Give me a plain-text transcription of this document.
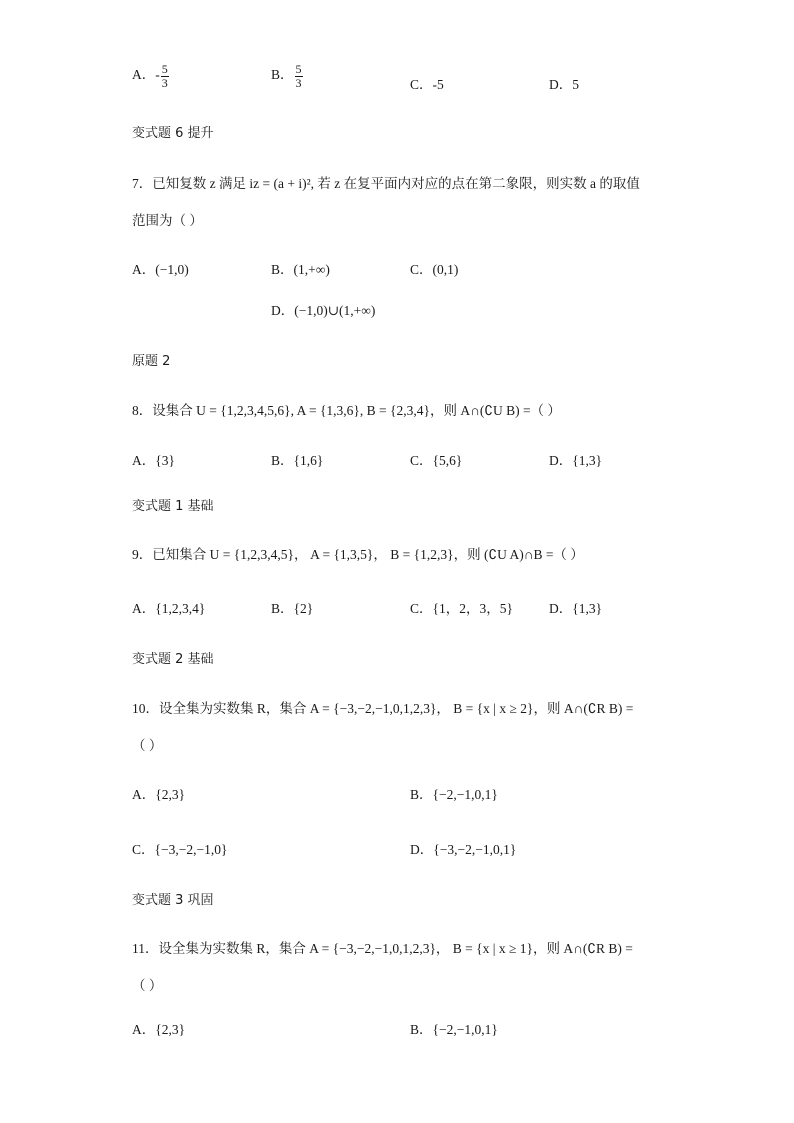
A．- $\frac{5}{3}$	B． $\frac{5}{3}$	C．-5	D．5
变式题 6 提升
7．已知复数 z 满足 iz = (a + i)², 若 z 在复平面内对应的点在第二象限，则实数 a 的取值
范围为（ ）
A．(−1,0)	B．(1,+∞)	C．(0,1)
D．(−1,0)∪(1,+∞)
原题 2
8．设集合 U = {1,2,3,4,5,6}, A = {1,3,6}, B = {2,3,4}，则 A∩(∁U B) =（ ）
A．{3}	B．{1,6}	C．{5,6}	D．{1,3}
变式题 1 基础
9．已知集合 U = {1,2,3,4,5}， A = {1,3,5}， B = {1,2,3}，则 (∁U A)∩B =（ ）
A．{1,2,3,4}	B．{2}	C．{1，2，3，5}	D．{1,3}
变式题 2 基础
10．设全集为实数集 R，集合 A = {−3,−2,−1,0,1,2,3}， B = {x | x ≥ 2}，则 A∩(∁R B) =
（ ）
A．{2,3}	B．{−2,−1,0,1}
C．{−3,−2,−1,0}	D．{−3,−2,−1,0,1}
变式题 3 巩固
11．设全集为实数集 R，集合 A = {−3,−2,−1,0,1,2,3}， B = {x | x ≥ 1}，则 A∩(∁R B) =
（ ）
A．{2,3}	B．{−2,−1,0,1}
